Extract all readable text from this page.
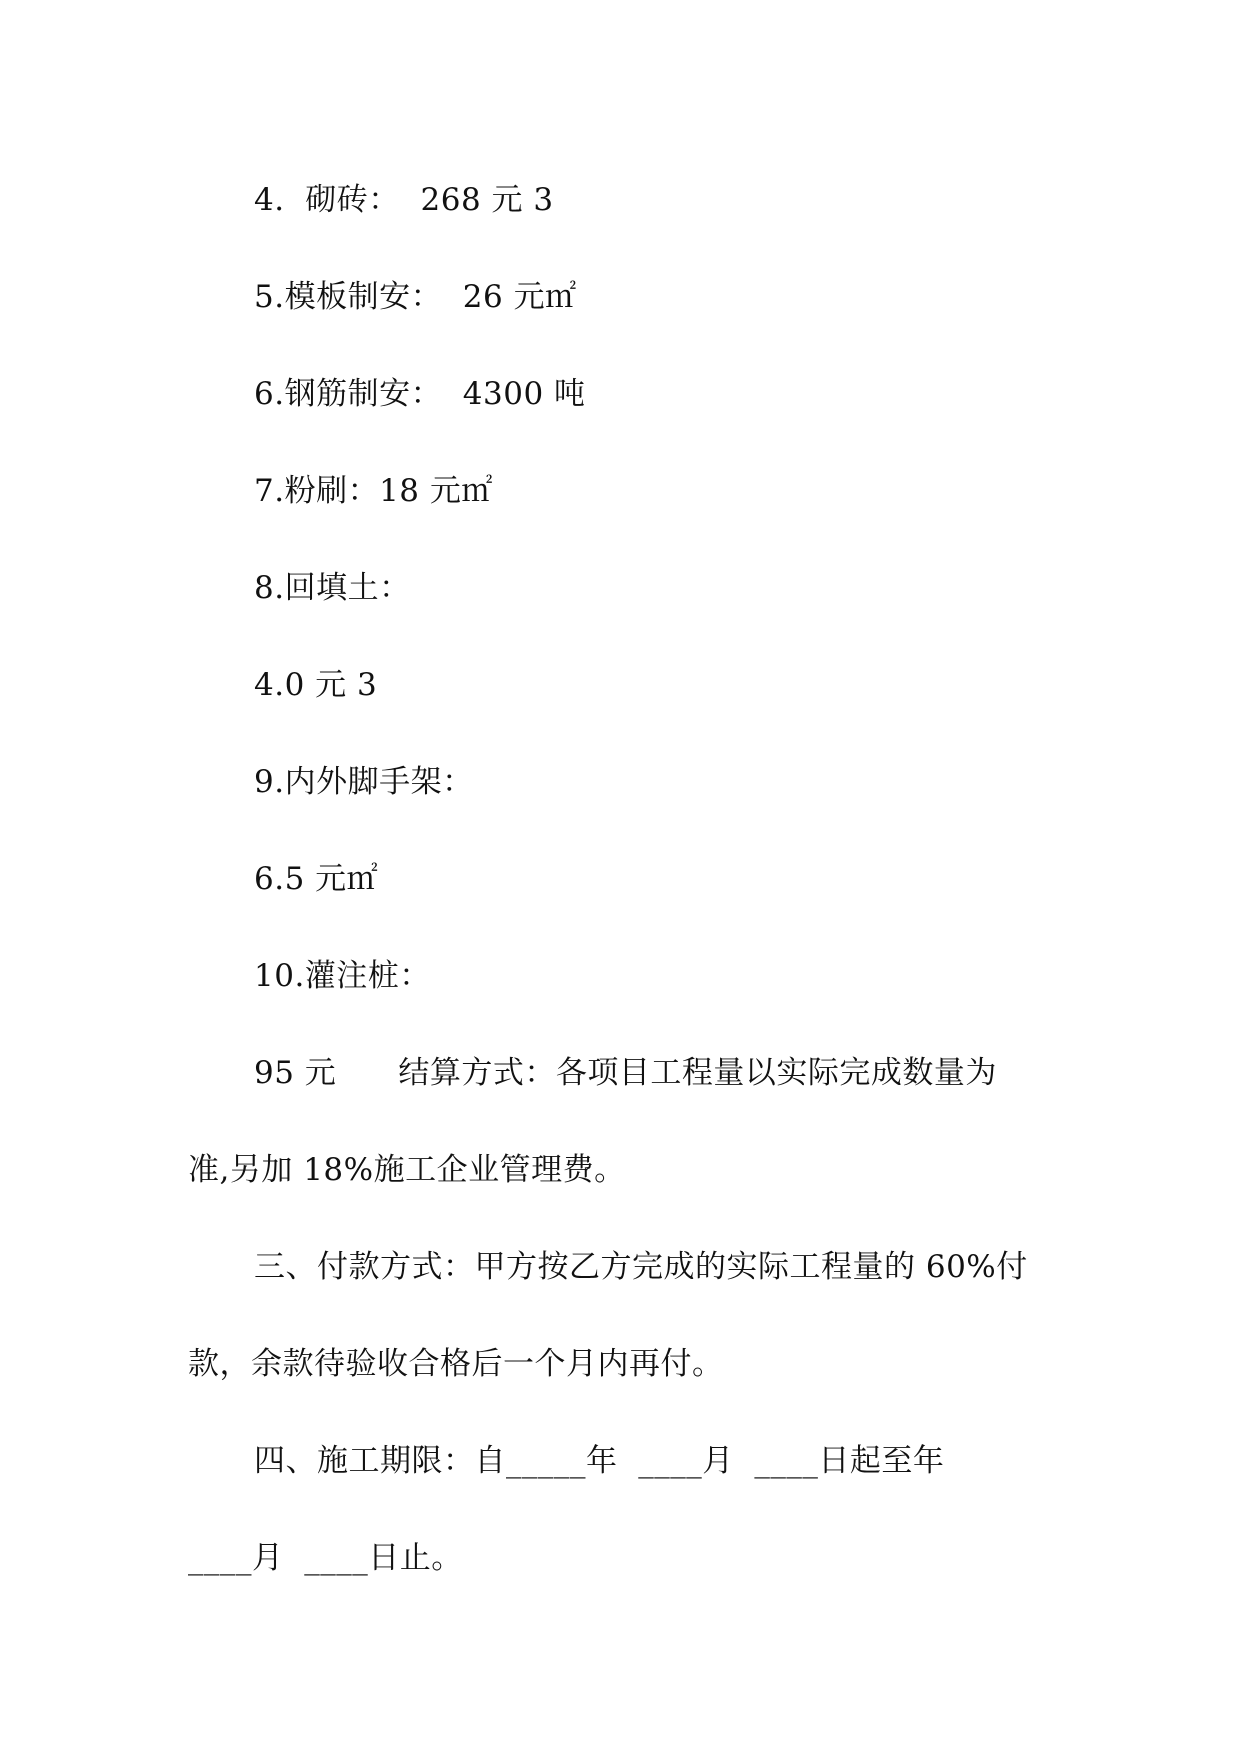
4.  砌砖：  268 元 3
5.模板制安：  26 元㎡
6.钢筋制安：  4300 吨
7.粉刷：18 元㎡
8.回填土：
4.0 元 3
9.内外脚手架：
6.5 元㎡
10.灌注桩：
95 元      结算方式：各项目工程量以实际完成数量为
准,另加 18%施工企业管理费。
三、付款方式：甲方按乙方完成的实际工程量的 60%付
款，余款待验收合格后一个月内再付。
四、施工期限：自_____年  ____月  ____日起至年
____月  ____日止。
